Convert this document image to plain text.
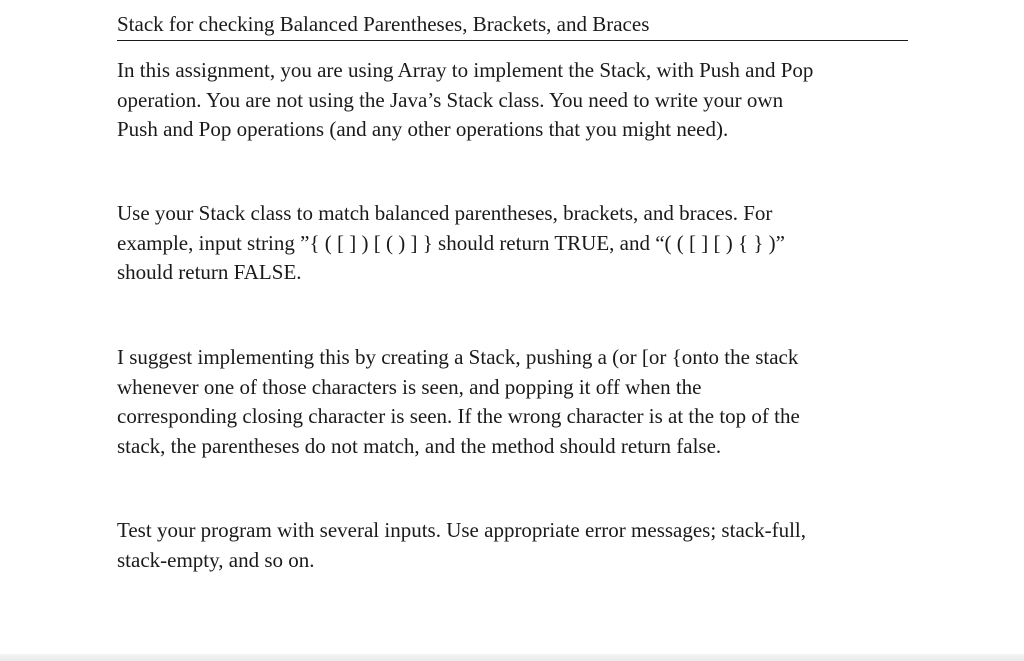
Stack for checking Balanced Parentheses, Brackets, and Braces

In this assignment, you are using Array to implement the Stack, with Push and Pop
operation. You are not using the Java’s Stack class. You need to write your own
Push and Pop operations (and any other operations that you might need).

Use your Stack class to match balanced parentheses, brackets, and braces. For
example, input string ”{ ( [ ] ) [ ( ) ] } should return TRUE, and “( ( [ ] [ ) { } )”
should return FALSE.

I suggest implementing this by creating a Stack, pushing a (or [or {onto the stack
whenever one of those characters is seen, and popping it off when the
corresponding closing character is seen. If the wrong character is at the top of the
stack, the parentheses do not match, and the method should return false.

Test your program with several inputs. Use appropriate error messages; stack-full,
stack-empty, and so on.
